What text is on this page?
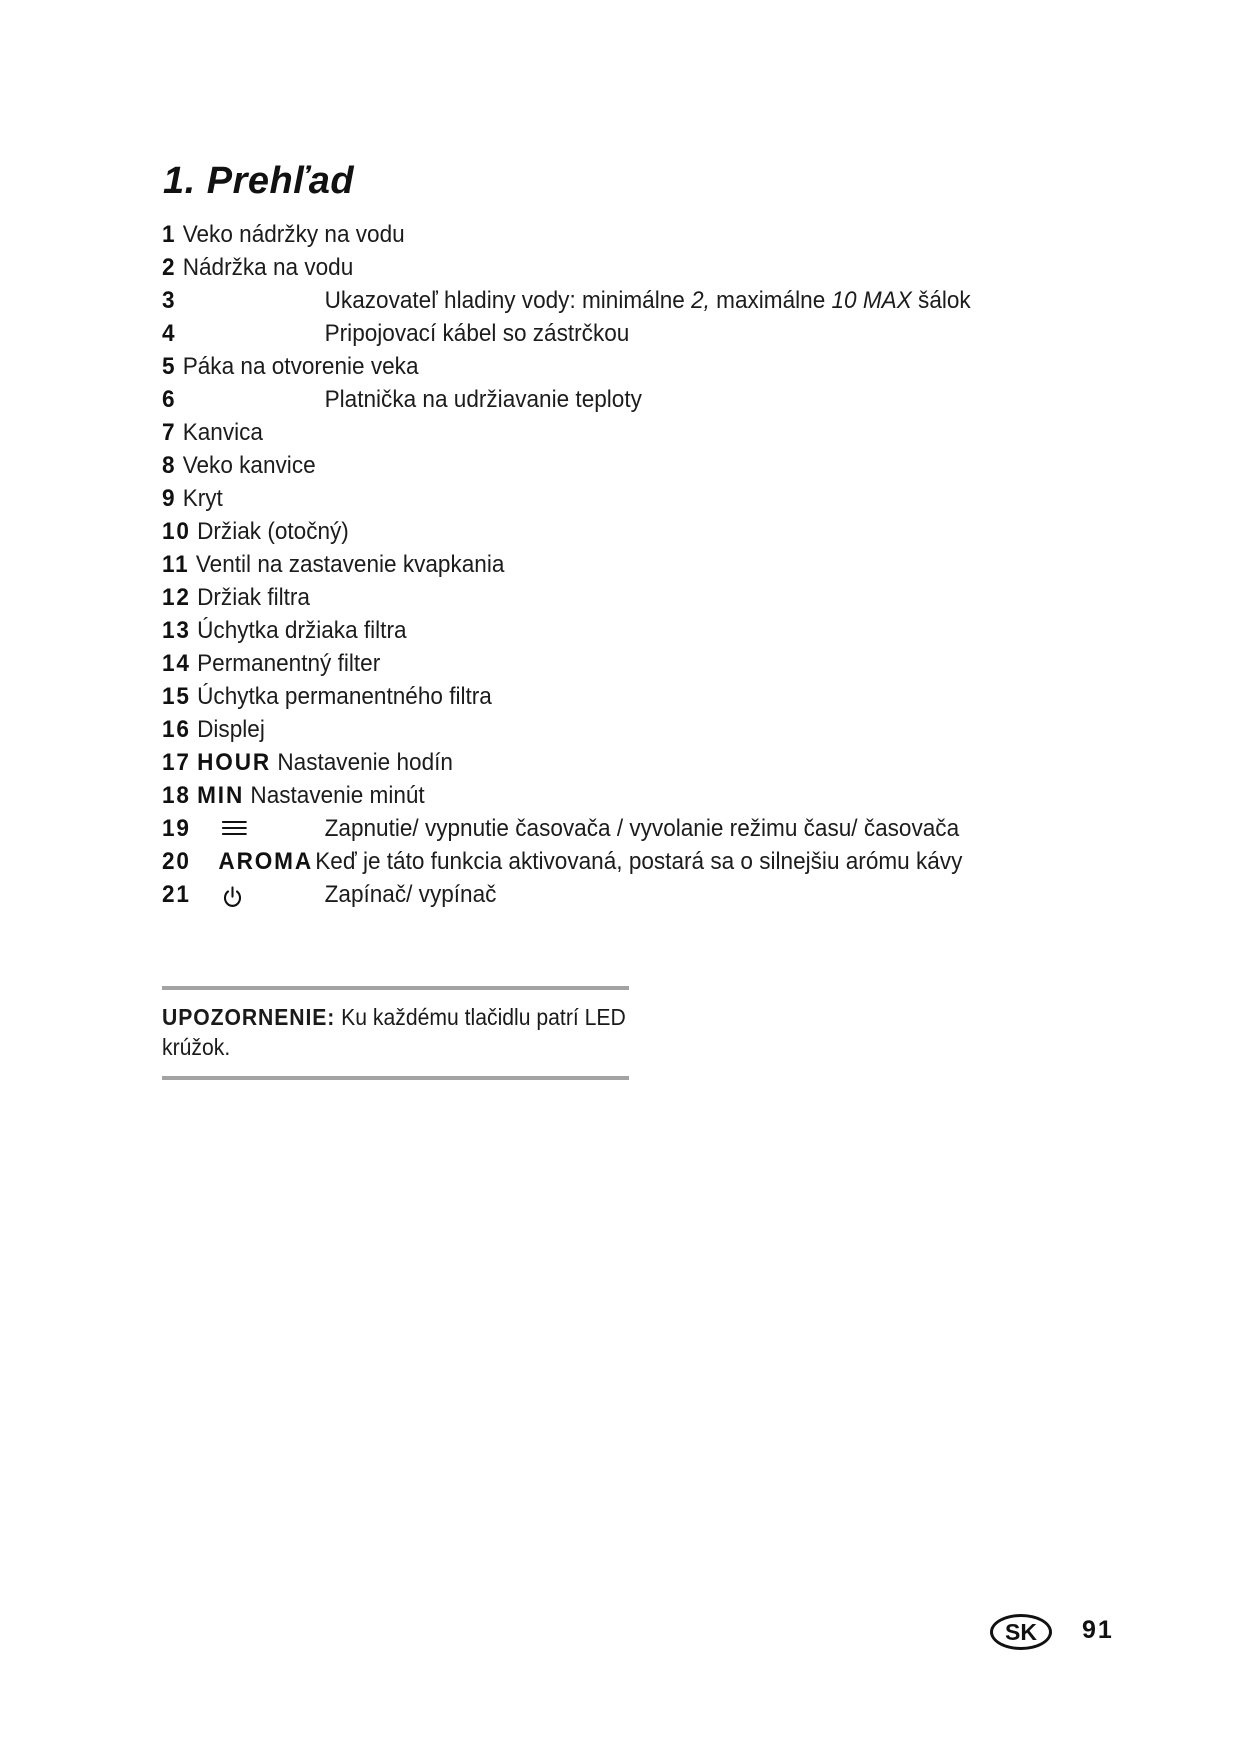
1. Prehľad
1 Veko nádržky na vodu
2 Nádržka na vodu
3	Ukazovateľ hladiny vody: minimálne 2, maximálne 10 MAX šálok
4	Pripojovací kábel so zástrčkou
5 Páka na otvorenie veka
6	Platnička na udržiavanie teploty
7 Kanvica
8 Veko kanvice
9 Kryt
10 Držiak (otočný)
11 Ventil na zastavenie kvapkania
12 Držiak filtra
13 Úchytka držiaka filtra
14 Permanentný filter
15 Úchytka permanentného filtra
16 Displej
17 HOUR Nastavenie hodín
18 MIN Nastavenie minút
19	Zapnutie/ vypnutie časovača / vyvolanie režimu času/ časovača
20 AROMA Keď je táto funkcia aktivovaná, postará sa o silnejšiu arómu kávy
21	Zapínač/ vypínač

UPOZORNENIE: Ku každému tlačidlu patrí LED krúžok.

SK	91
